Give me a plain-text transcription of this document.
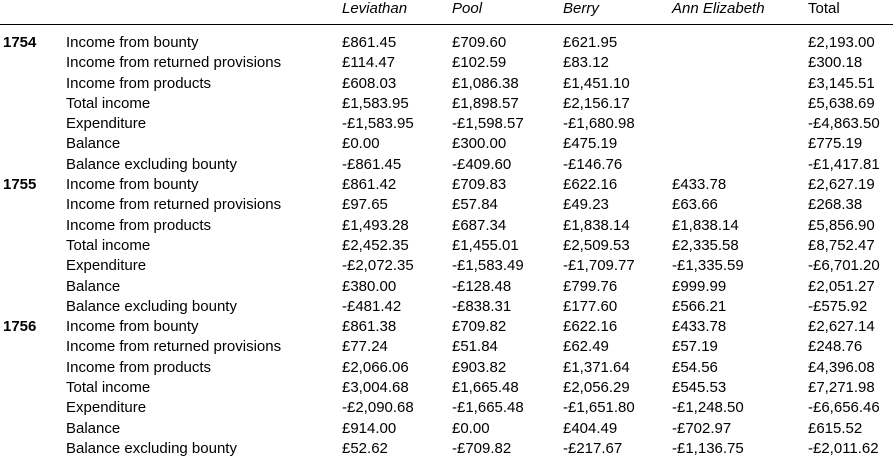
		Leviathan	Pool	Berry	Ann Elizabeth	Total
1754	Income from bounty	£861.45	£709.60	£621.95		£2,193.00
	Income from returned provisions	£114.47	£102.59	£83.12		£300.18
	Income from products	£608.03	£1,086.38	£1,451.10		£3,145.51
	Total income	£1,583.95	£1,898.57	£2,156.17		£5,638.69
	Expenditure	-£1,583.95	-£1,598.57	-£1,680.98		-£4,863.50
	Balance	£0.00	£300.00	£475.19		£775.19
	Balance excluding bounty	-£861.45	-£409.60	-£146.76		-£1,417.81
1755	Income from bounty	£861.42	£709.83	£622.16	£433.78	£2,627.19
	Income from returned provisions	£97.65	£57.84	£49.23	£63.66	£268.38
	Income from products	£1,493.28	£687.34	£1,838.14	£1,838.14	£5,856.90
	Total income	£2,452.35	£1,455.01	£2,509.53	£2,335.58	£8,752.47
	Expenditure	-£2,072.35	-£1,583.49	-£1,709.77	-£1,335.59	-£6,701.20
	Balance	£380.00	-£128.48	£799.76	£999.99	£2,051.27
	Balance excluding bounty	-£481.42	-£838.31	£177.60	£566.21	-£575.92
1756	Income from bounty	£861.38	£709.82	£622.16	£433.78	£2,627.14
	Income from returned provisions	£77.24	£51.84	£62.49	£57.19	£248.76
	Income from products	£2,066.06	£903.82	£1,371.64	£54.56	£4,396.08
	Total income	£3,004.68	£1,665.48	£2,056.29	£545.53	£7,271.98
	Expenditure	-£2,090.68	-£1,665.48	-£1,651.80	-£1,248.50	-£6,656.46
	Balance	£914.00	£0.00	£404.49	-£702.97	£615.52
	Balance excluding bounty	£52.62	-£709.82	-£217.67	-£1,136.75	-£2,011.62
